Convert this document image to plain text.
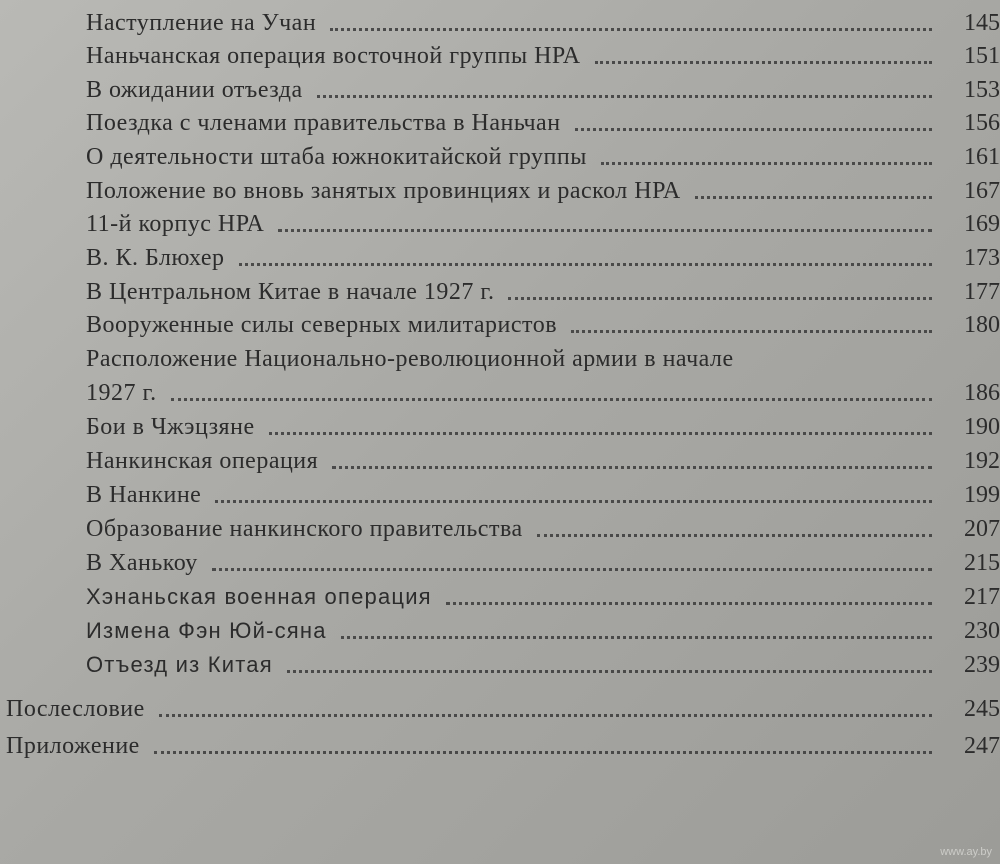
Наступление на Учан	145
Наньчанская операция восточной группы НРА	151
В ожидании отъезда	153
Поездка с членами правительства в Наньчан	156
О деятельности штаба южнокитайской группы	161
Положение во вновь занятых провинциях и раскол НРА	167
11-й корпус НРА	169
В. К. Блюхер	173
В Центральном Китае в начале 1927 г.	177
Вооруженные силы северных милитаристов	180
Расположение Национально-революционной армии в начале
1927 г.	186
Бои в Чжэцзяне	190
Нанкинская операция	192
В Нанкине	199
Образование нанкинского правительства	207
В Ханькоу	215
Хэнаньская военная операция	217
Измена Фэн Юй-сяна	230
Отъезд из Китая	239
Послесловие	245
Приложение	247
www.ay.by
